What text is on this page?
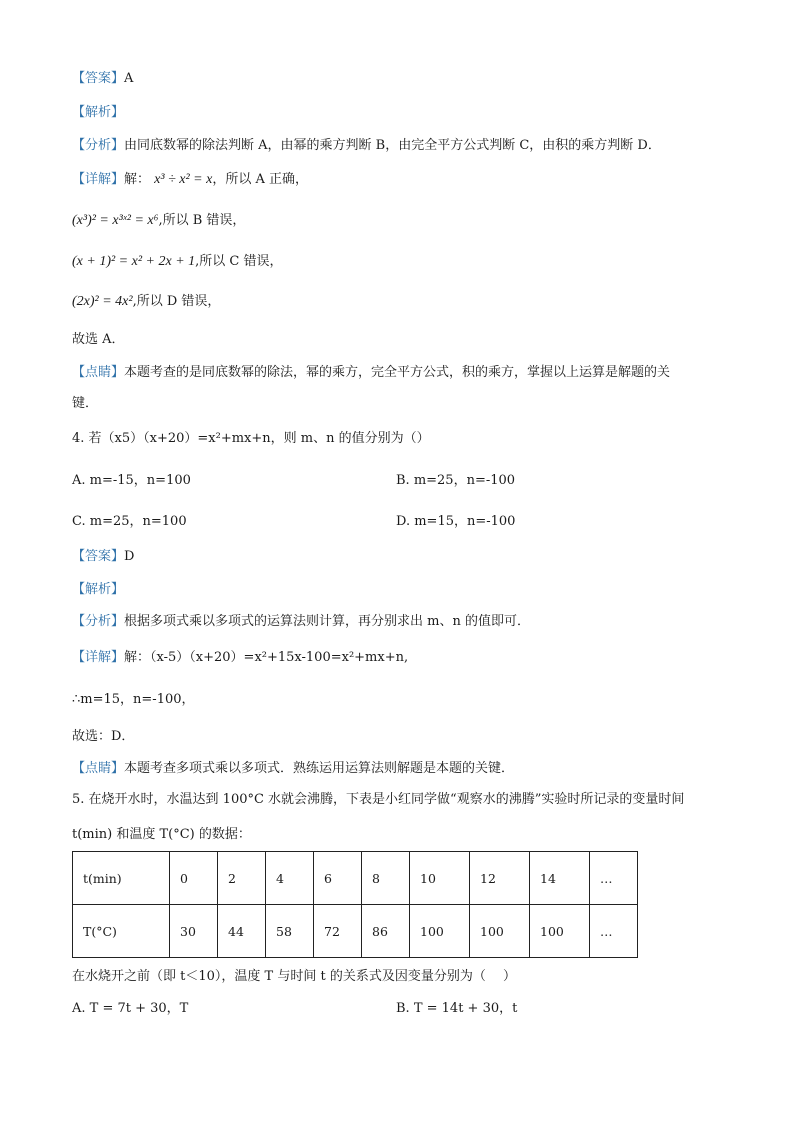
【答案】A
【解析】
【分析】由同底数幂的除法判断 A，由幂的乘方判断 B，由完全平方公式判断 C，由积的乘方判断 D．
【详解】解： x³ ÷ x² = x，所以 A 正确，
(x³)² = x³ˣ² = x⁶,所以 B 错误，
(x + 1)² = x² + 2x + 1,所以 C 错误，
(2x)² = 4x²,所以 D 错误，
故选 A．
【点睛】本题考查的是同底数幂的除法，幂的乘方，完全平方公式，积的乘方，掌握以上运算是解题的关
键．
4. 若（x5）（x+20）=x²+mx+n，则 m、n 的值分别为（）
A. m=-15，n=100	B. m=25，n=-100
C. m=25，n=100	D. m=15，n=-100
【答案】D
【解析】
【分析】根据多项式乘以多项式的运算法则计算，再分别求出 m、n 的值即可．
【详解】解：（x-5）（x+20）=x²+15x-100=x²+mx+n,
∴m=15，n=-100，
故选：D．
【点睛】本题考查多项式乘以多项式．熟练运用运算法则解题是本题的关键．
5. 在烧开水时，水温达到 100°C 水就会沸腾，下表是小红同学做“观察水的沸腾”实验时所记录的变量时间
t(min) 和温度 T(°C) 的数据：
t(min)	0	2	4	6	8	10	12	14	…
T(°C)	30	44	58	72	86	100	100	100	…
在水烧开之前（即 t＜10），温度 T 与时间 t 的关系式及因变量分别为（　 ）
A. T = 7t + 30，T	B. T = 14t + 30，t
